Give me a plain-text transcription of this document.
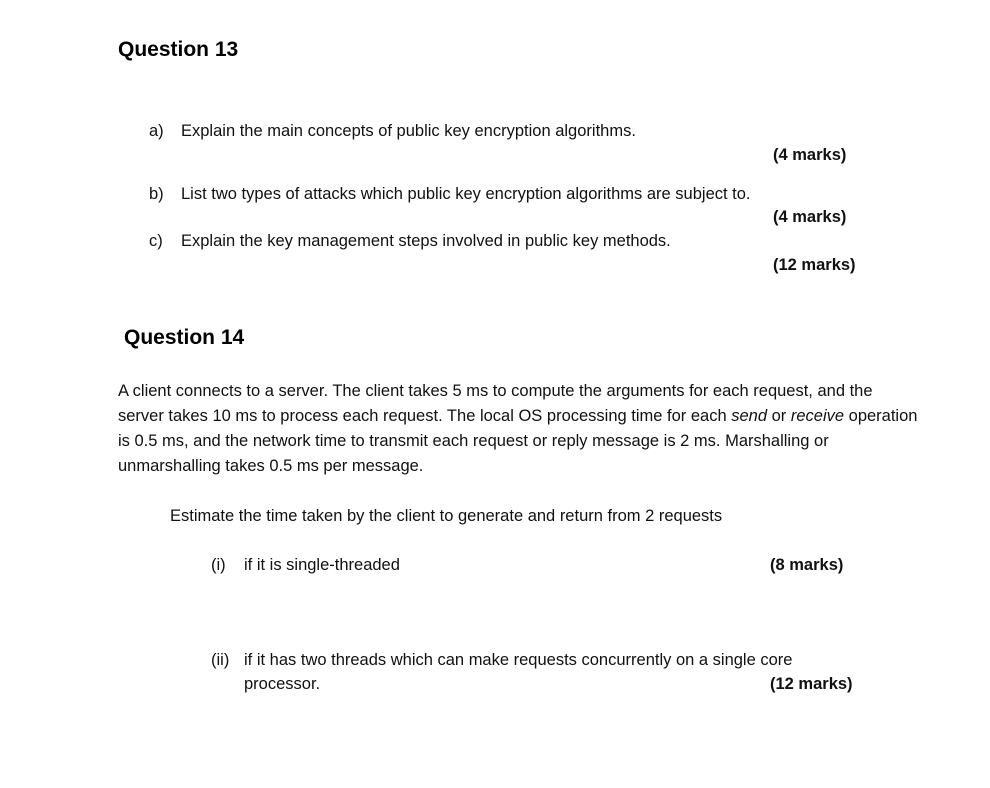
Question 13
a) Explain the main concepts of public key encryption algorithms.
(4 marks)
b) List two types of attacks which public key encryption algorithms are subject to.
(4 marks)
c) Explain the key management steps involved in public key methods.
(12 marks)
Question 14
A client connects to a server. The client takes 5 ms to compute the arguments for each request, and the server takes 10 ms to process each request. The local OS processing time for each send or receive operation is 0.5 ms, and the network time to transmit each request or reply message is 2 ms. Marshalling or unmarshalling takes 0.5 ms per message.
Estimate the time taken by the client to generate and return from 2 requests
(i) if it is single-threaded	(8 marks)
(ii) if it has two threads which can make requests concurrently on a single core
processor.	(12 marks)
